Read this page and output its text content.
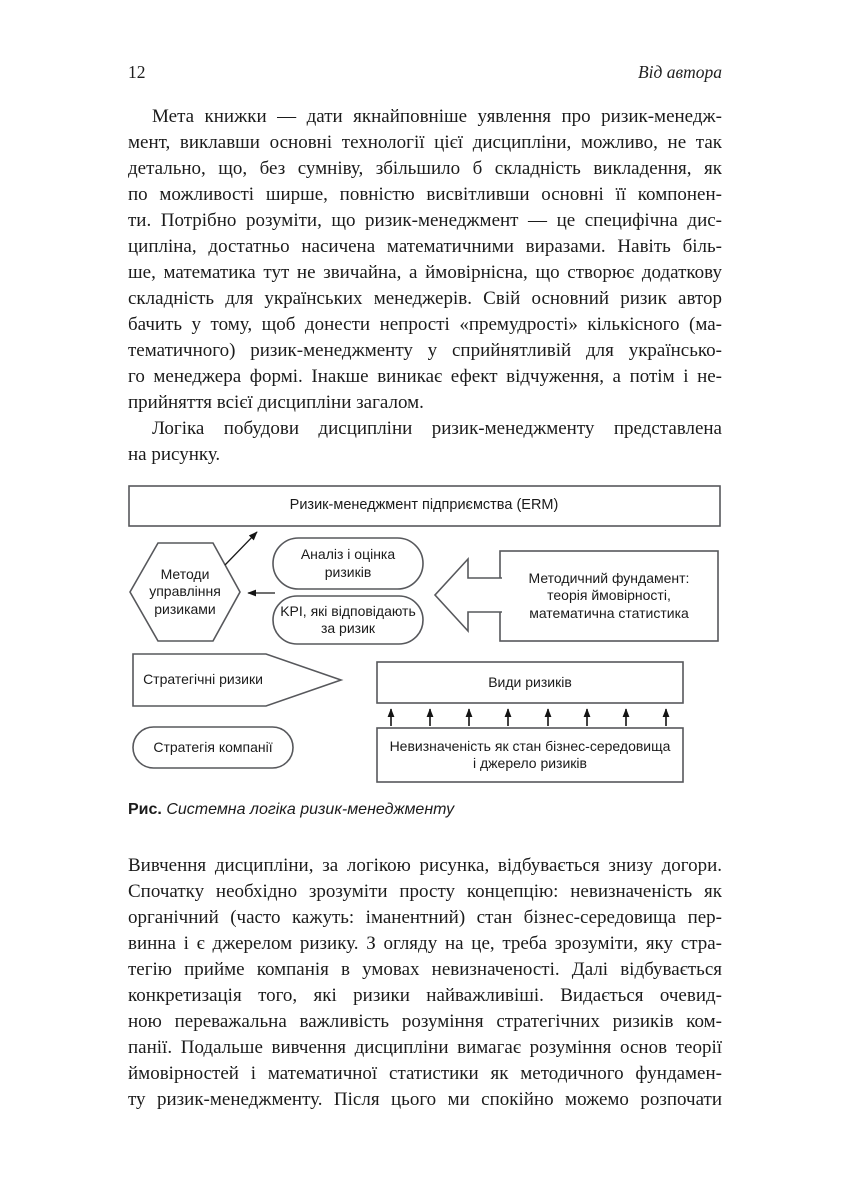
12	Від автора
Мета книжки — дати якнайповніше уявлення про ризик-менедж-
мент, виклавши основні технології цієї дисципліни, можливо, не так
детально, що, без сумніву, збільшило б складність викладення, як
по можливості ширше, повністю висвітливши основні її компонен-
ти. Потрібно розуміти, що ризик-менеджмент — це специфічна дис-
ципліна, достатньо насичена математичними виразами. Навіть біль-
ше, математика тут не звичайна, а ймовірнісна, що створює додаткову
складність для українських менеджерів. Свій основний ризик автор
бачить у тому, щоб донести непрості «премудрості» кількісного (ма-
тематичного) ризик-менеджменту у сприйнятливій для українсько-
го менеджера формі. Інакше виникає ефект відчуження, а потім і не-
прийняття всієї дисципліни загалом.
Логіка побудови дисципліни ризик-менеджменту представлена
на рисунку.
Ризик-менеджмент підприємства (ERM)
Методи
управління
ризиками
Аналіз і оцінка
ризиків
KPI, які відповідають
за ризик
Методичний фундамент:
теорія ймовірності,
математична статистика
Стратегічні ризики	Види ризиків
Невизначеність як стан бізнес-середовища
і джерело ризиків
Стратегія компанії
Рис. Системна логіка ризик-менеджменту
Вивчення дисципліни, за логікою рисунка, відбувається знизу догори.
Спочатку необхідно зрозуміти просту концепцію: невизначеність як
органічний (часто кажуть: іманентний) стан бізнес-середовища пер-
винна і є джерелом ризику. З огляду на це, треба зрозуміти, яку стра-
тегію прийме компанія в умовах невизначеності. Далі відбувається
конкретизація того, які ризики найважливіші. Видається очевид-
ною переважальна важливість розуміння стратегічних ризиків ком-
панії. Подальше вивчення дисципліни вимагає розуміння основ теорії
ймовірностей і математичної статистики як методичного фундамен-
ту ризик-менеджменту. Після цього ми спокійно можемо розпочати
